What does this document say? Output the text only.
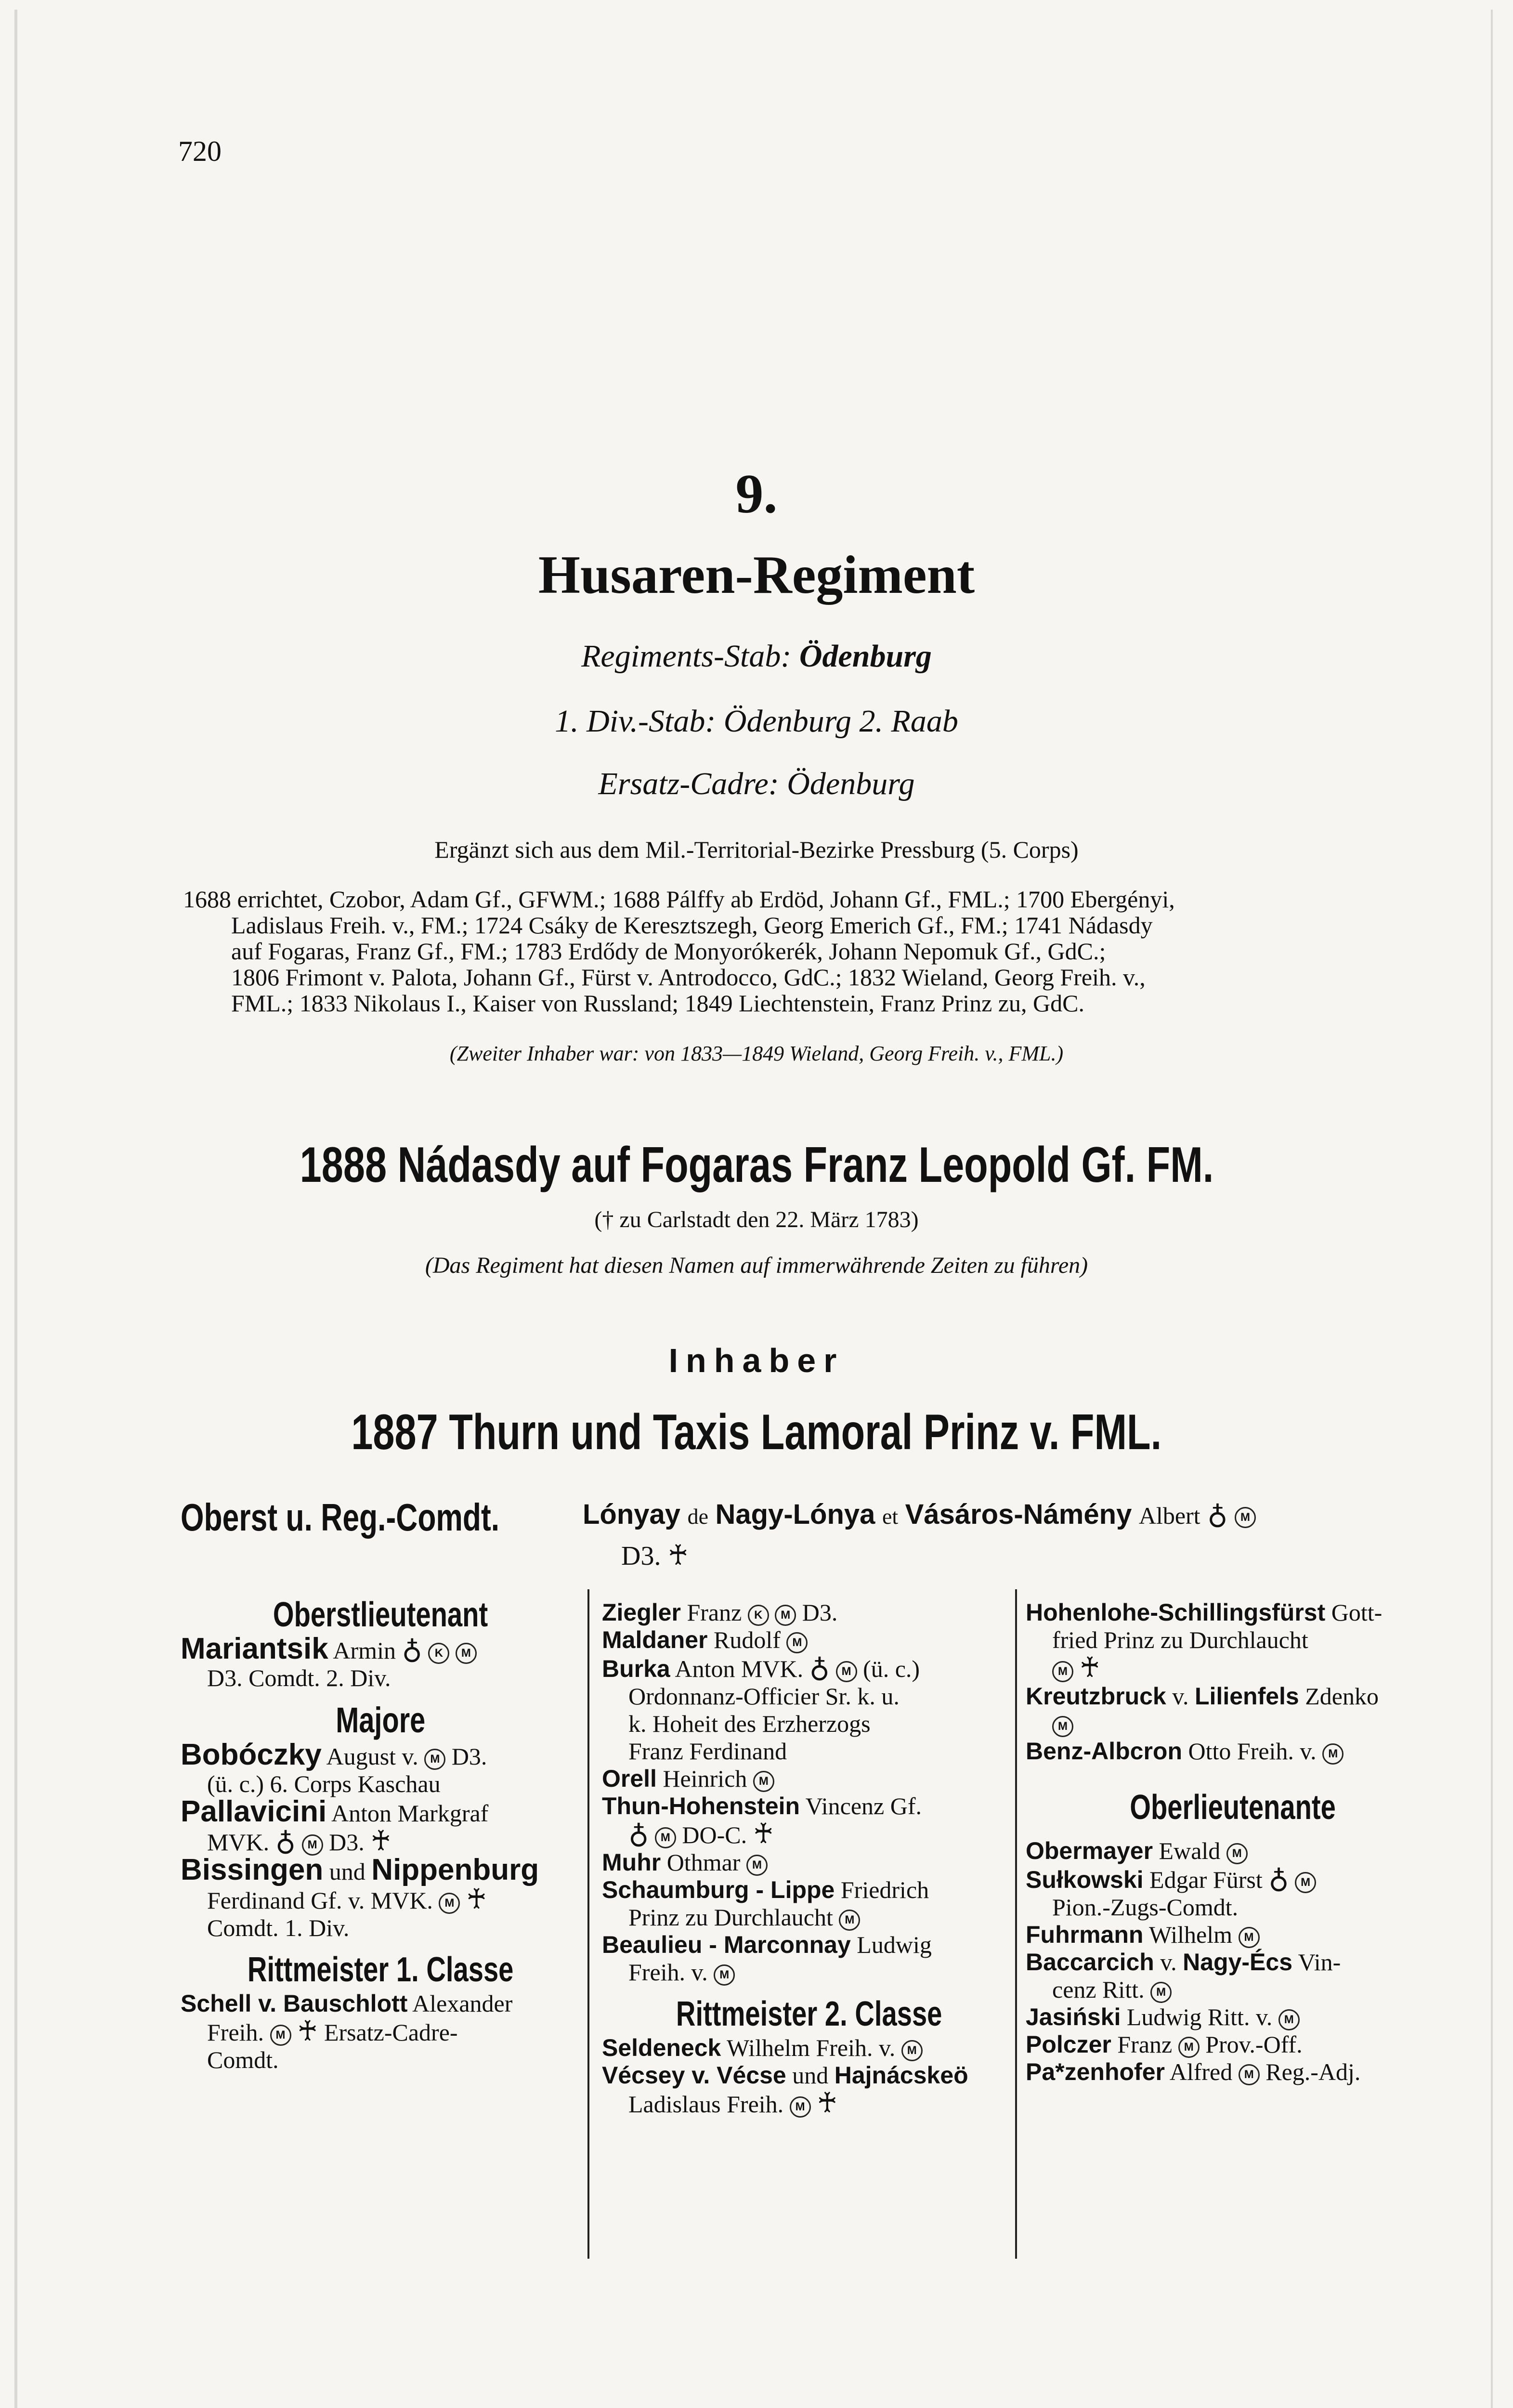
720
9.
Husaren-Regiment
Regiments-Stab: Ödenburg
1. Div.-Stab: Ödenburg 2. Raab
Ersatz-Cadre: Ödenburg
Ergänzt sich aus dem Mil.-Territorial-Bezirke Pressburg (5. Corps)
1688 errichtet, Czobor, Adam Gf., GFWM.; 1688 Pálffy ab Erdöd, Johann Gf., FML.; 1700 Ebergényi,
Ladislaus Freih. v., FM.; 1724 Csáky de Keresztszegh, Georg Emerich Gf., FM.; 1741 Nádasdy
auf Fogaras, Franz Gf., FM.; 1783 Erdődy de Monyorókerék, Johann Nepomuk Gf., GdC.;
1806 Frimont v. Palota, Johann Gf., Fürst v. Antrodocco, GdC.; 1832 Wieland, Georg Freih. v.,
FML.; 1833 Nikolaus I., Kaiser von Russland; 1849 Liechtenstein, Franz Prinz zu, GdC.
(Zweiter Inhaber war: von 1833—1849 Wieland, Georg Freih. v., FML.)
1888 Nádasdy auf Fogaras Franz Leopold Gf. FM.
(† zu Carlstadt den 22. März 1783)
(Das Regiment hat diesen Namen auf immerwährende Zeiten zu führen)
Inhaber
1887 Thurn und Taxis Lamoral Prinz v. FML.
Oberst u. Reg.-Comdt.	Lónyay de Nagy-Lónya et Vásáros-Námény Albert ♁ M
D3. ♰
Oberstlieutenant
Mariantsik Armin ♁ K M
D3. Comdt. 2. Div.
Majore
Bobóczky August v. M D3.
(ü. c.) 6. Corps Kaschau
Pallavicini Anton Markgraf
MVK. ♁ M D3. ♰
Bissingen und Nippenburg
Ferdinand Gf. v. MVK. M ♰
Comdt. 1. Div.
Rittmeister 1. Classe
Schell v. Bauschlott Alexander
Freih. M ♰ Ersatz-Cadre-
Comdt.
Ziegler Franz K M D3.
Maldaner Rudolf M
Burka Anton MVK. ♁ M (ü. c.)
Ordonnanz-Officier Sr. k. u.
k. Hoheit des Erzherzogs
Franz Ferdinand
Orell Heinrich M
Thun-Hohenstein Vincenz Gf.
♁ M DO-C. ♰
Muhr Othmar M
Schaumburg - Lippe Friedrich
Prinz zu Durchlaucht M
Beaulieu - Marconnay Ludwig
Freih. v. M
Rittmeister 2. Classe
Seldeneck Wilhelm Freih. v. M
Vécsey v. Vécse und Hajnácskeö
Ladislaus Freih. M ♰
Hohenlohe-Schillingsfürst Gott-
fried Prinz zu Durchlaucht
M ♰
Kreutzbruck v. Lilienfels Zdenko
M
Benz-Albcron Otto Freih. v. M
Oberlieutenante
Obermayer Ewald M
Sułkowski Edgar Fürst ♁ M
Pion.-Zugs-Comdt.
Fuhrmann Wilhelm M
Baccarcich v. Nagy-Écs Vin-
cenz Ritt. M
Jasiński Ludwig Ritt. v. M
Polczer Franz M Prov.-Off.
Pa*zenhofer Alfred M Reg.-Adj.
